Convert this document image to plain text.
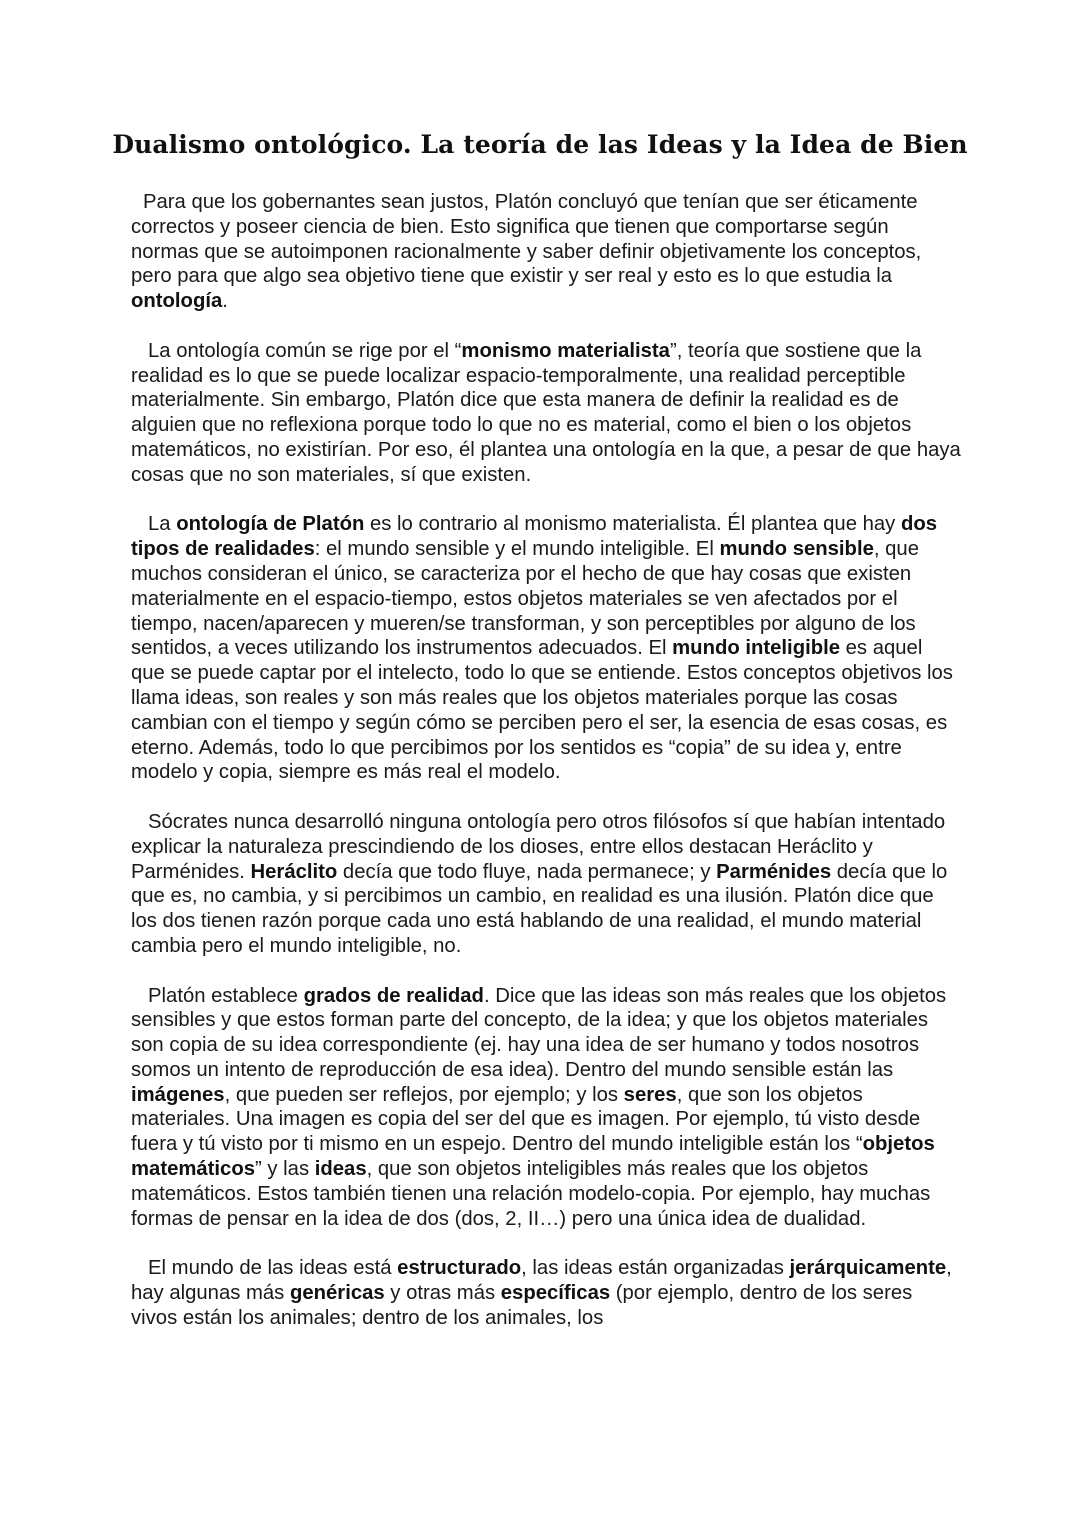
Dualismo ontológico. La teoría de las Ideas y la Idea de Bien

Para que los gobernantes sean justos, Platón concluyó que tenían que ser éticamente correctos y poseer ciencia de bien. Esto significa que tienen que comportarse según normas que se autoimponen racionalmente y saber definir objetivamente los conceptos, pero para que algo sea objetivo tiene que existir y ser real y esto es lo que estudia la ontología.

La ontología común se rige por el “monismo materialista”, teoría que sostiene que la realidad es lo que se puede localizar espacio-temporalmente, una realidad perceptible materialmente. Sin embargo, Platón dice que esta manera de definir la realidad es de alguien que no reflexiona porque todo lo que no es material, como el bien o los objetos matemáticos, no existirían. Por eso, él plantea una ontología en la que, a pesar de que haya cosas que no son materiales, sí que existen.

La ontología de Platón es lo contrario al monismo materialista. Él plantea que hay dos tipos de realidades: el mundo sensible y el mundo inteligible. El mundo sensible, que muchos consideran el único, se caracteriza por el hecho de que hay cosas que existen materialmente en el espacio-tiempo, estos objetos materiales se ven afectados por el tiempo, nacen/aparecen y mueren/se transforman, y son perceptibles por alguno de los sentidos, a veces utilizando los instrumentos adecuados. El mundo inteligible es aquel que se puede captar por el intelecto, todo lo que se entiende. Estos conceptos objetivos los llama ideas, son reales y son más reales que los objetos materiales porque las cosas cambian con el tiempo y según cómo se perciben pero el ser, la esencia de esas cosas, es eterno. Además, todo lo que percibimos por los sentidos es “copia” de su idea y, entre modelo y copia, siempre es más real el modelo.

Sócrates nunca desarrolló ninguna ontología pero otros filósofos sí que habían intentado explicar la naturaleza prescindiendo de los dioses, entre ellos destacan Heráclito y Parménides. Heráclito decía que todo fluye, nada permanece; y Parménides decía que lo que es, no cambia, y si percibimos un cambio, en realidad es una ilusión. Platón dice que los dos tienen razón porque cada uno está hablando de una realidad, el mundo material cambia pero el mundo inteligible, no.

Platón establece grados de realidad. Dice que las ideas son más reales que los objetos sensibles y que estos forman parte del concepto, de la idea; y que los objetos materiales son copia de su idea correspondiente (ej. hay una idea de ser humano y todos nosotros somos un intento de reproducción de esa idea). Dentro del mundo sensible están las imágenes, que pueden ser reflejos, por ejemplo; y los seres, que son los objetos materiales. Una imagen es copia del ser del que es imagen. Por ejemplo, tú visto desde fuera y tú visto por ti mismo en un espejo. Dentro del mundo inteligible están los “objetos matemáticos” y las ideas, que son objetos inteligibles más reales que los objetos matemáticos. Estos también tienen una relación modelo-copia. Por ejemplo, hay muchas formas de pensar en la idea de dos (dos, 2, II…) pero una única idea de dualidad.

El mundo de las ideas está estructurado, las ideas están organizadas jerárquicamente, hay algunas más genéricas y otras más específicas (por ejemplo, dentro de los seres vivos están los animales; dentro de los animales, los
